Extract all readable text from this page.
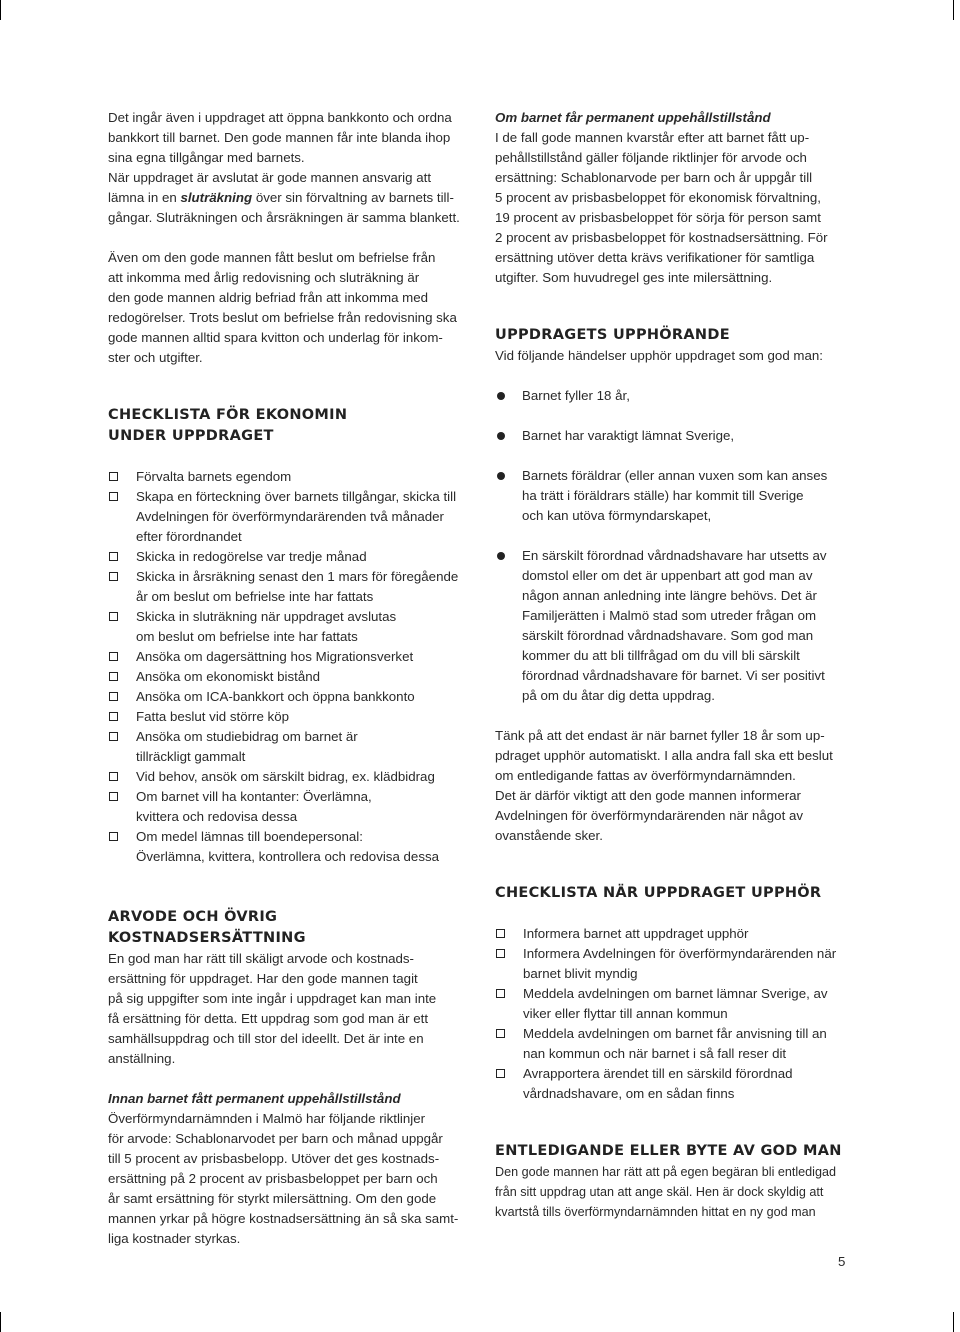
Det ingår även i uppdraget att öppna bankkonto och ordna

bankkort till barnet. Den gode mannen får inte blanda ihop

sina egna tillgångar med barnets.

När uppdraget är avslutat är gode mannen ansvarig att

lämna in en sluträkning över sin förvaltning av barnets till-

gångar. Sluträkningen och årsräkningen är samma blankett.

Även om den gode mannen fått beslut om befrielse från
att inkomma med årlig redovisning och sluträkning är
den gode mannen aldrig befriad från att inkomma med
redogörelser. Trots beslut om befrielse från redovisning ska
gode mannen alltid spara kvitton och underlag för inkom-
ster och utgifter.

CHECKLISTA FÖR EKONOMIN
UNDER UPPDRAGET
Förvalta barnets egendom
Skapa en förteckning över barnets tillgångar, skicka till
Avdelningen för överförmyndarärenden två månader
efter förordnandet
Skicka in redogörelse var tredje månad
Skicka in årsräkning senast den 1 mars för föregående
år om beslut om befrielse inte har fattats
Skicka in sluträkning när uppdraget avslutas
om beslut om befrielse inte har fattats
Ansöka om dagersättning hos Migrationsverket
Ansöka om ekonomiskt bistånd
Ansöka om ICA-bankkort och öppna bankkonto
Fatta beslut vid större köp
Ansöka om studiebidrag om barnet är
tillräckligt gammalt
Vid behov, ansök om särskilt bidrag, ex. klädbidrag
Om barnet vill ha kontanter: Överlämna,
kvittera och redovisa dessa
Om medel lämnas till boendepersonal:
Överlämna, kvittera, kontrollera och redovisa dessa
ARVODE OCH ÖVRIG KOSTNADSERSÄTTNING

En god man har rätt till skäligt arvode och kostnads-
ersättning för uppdraget. Har den gode mannen tagit
på sig uppgifter som inte ingår i uppdraget kan man inte
få ersättning för detta. Ett uppdrag som god man är ett
samhällsuppdrag och till stor del ideellt. Det är inte en
anställning.

Innan barnet fått permanent uppehållstillstånd

Överförmyndarnämnden i Malmö har följande riktlinjer
för arvode: Schablonarvodet per barn och månad uppgår
till 5 procent av prisbasbelopp. Utöver det ges kostnads-
ersättning på 2 procent av prisbasbeloppet per barn och
år samt ersättning för styrkt milersättning. Om den gode
mannen yrkar på högre kostnadsersättning än så ska samt-
liga kostnader styrkas.

Om barnet får permanent uppehållstillstånd

I de fall gode mannen kvarstår efter att barnet fått up-
pehållstillstånd gäller följande riktlinjer för arvode och
ersättning: Schablonarvode per barn och år uppgår till
5 procent av prisbasbeloppet för ekonomisk förvaltning,
19 procent av prisbasbeloppet för sörja för person samt
2 procent av prisbasbeloppet för kostnadsersättning. För
ersättning utöver detta krävs verifikationer för samtliga
utgifter. Som huvudregel ges inte milersättning.

UPPDRAGETS UPPHÖRANDE

Vid följande händelser upphör uppdraget som god man:

Barnet fyller 18 år,
Barnet har varaktigt lämnat Sverige,
Barnets föräldrar (eller annan vuxen som kan anses
ha trätt i föräldrars ställe) har kommit till Sverige
och kan utöva förmyndarskapet,
En särskilt förordnad vårdnadshavare har utsetts av
domstol eller om det är uppenbart att god man av
någon annan anledning inte längre behövs. Det är
Familjerätten i Malmö stad som utreder frågan om
särskilt förordnad vårdnadshavare. Som god man
kommer du att bli tillfrågad om du vill bli särskilt
förordnad vårdnadshavare för barnet. Vi ser positivt
på om du åtar dig detta uppdrag.

Tänk på att det endast är när barnet fyller 18 år som up-
pdraget upphör automatiskt. I alla andra fall ska ett beslut
om entledigande fattas av överförmyndarnämnden.
Det är därför viktigt att den gode mannen informerar
Avdelningen för överförmyndarärenden när något av
ovanstående sker.

CHECKLISTA NÄR UPPDRAGET UPPHÖR
Informera barnet att uppdraget upphör
Informera Avdelningen för överförmyndarärenden när
barnet blivit myndig
Meddela avdelningen om barnet lämnar Sverige, av
viker eller flyttar till annan kommun
Meddela avdelningen om barnet får anvisning till an
nan kommun och när barnet i så fall reser dit
Avrapportera ärendet till en särskild förordnad
vårdnadshavare, om en sådan finns
ENTLEDIGANDE ELLER BYTE AV GOD MAN

Den gode mannen har rätt att på egen begäran bli entledigad
från sitt uppdrag utan att ange skäl. Hen är dock skyldig att
kvartstå tills överförmyndarnämnden hittat en ny god man

5
